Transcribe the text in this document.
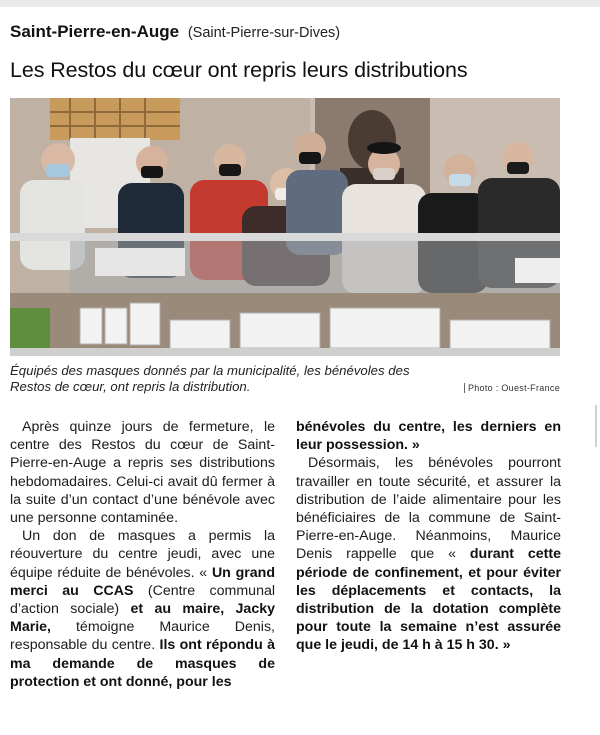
Saint-Pierre-en-Auge (Saint-Pierre-sur-Dives)
Les Restos du cœur ont repris leurs distributions
Équipés des masques donnés par la municipalité, les bénévoles des Restos de cœur, ont repris la distribution.	Photo : Ouest-France

Après quinze jours de fermeture, le centre des Restos du cœur de Saint-Pierre-en-Auge a repris ses distributions hebdomadaires. Celui-ci avait dû fermer à la suite d’un contact d’une bénévole avec une personne contaminée.

Un don de masques a permis la réouverture du centre jeudi, avec une équipe réduite de bénévoles. « Un grand merci au CCAS (Centre communal d’action sociale) et au maire, Jacky Marie, témoigne Maurice Denis, responsable du centre. Ils ont répondu à ma demande de masques de protection et ont donné, pour les

bénévoles du centre, les derniers en leur possession. »

Désormais, les bénévoles pourront travailler en toute sécurité, et assurer la distribution de l’aide alimentaire pour les bénéficiaires de la commune de Saint-Pierre-en-Auge. Néanmoins, Maurice Denis rappelle que « durant cette période de confinement, et pour éviter les déplacements et contacts, la distribution de la dotation complète pour toute la semaine n’est assurée que le jeudi, de 14 h à 15 h 30. »
